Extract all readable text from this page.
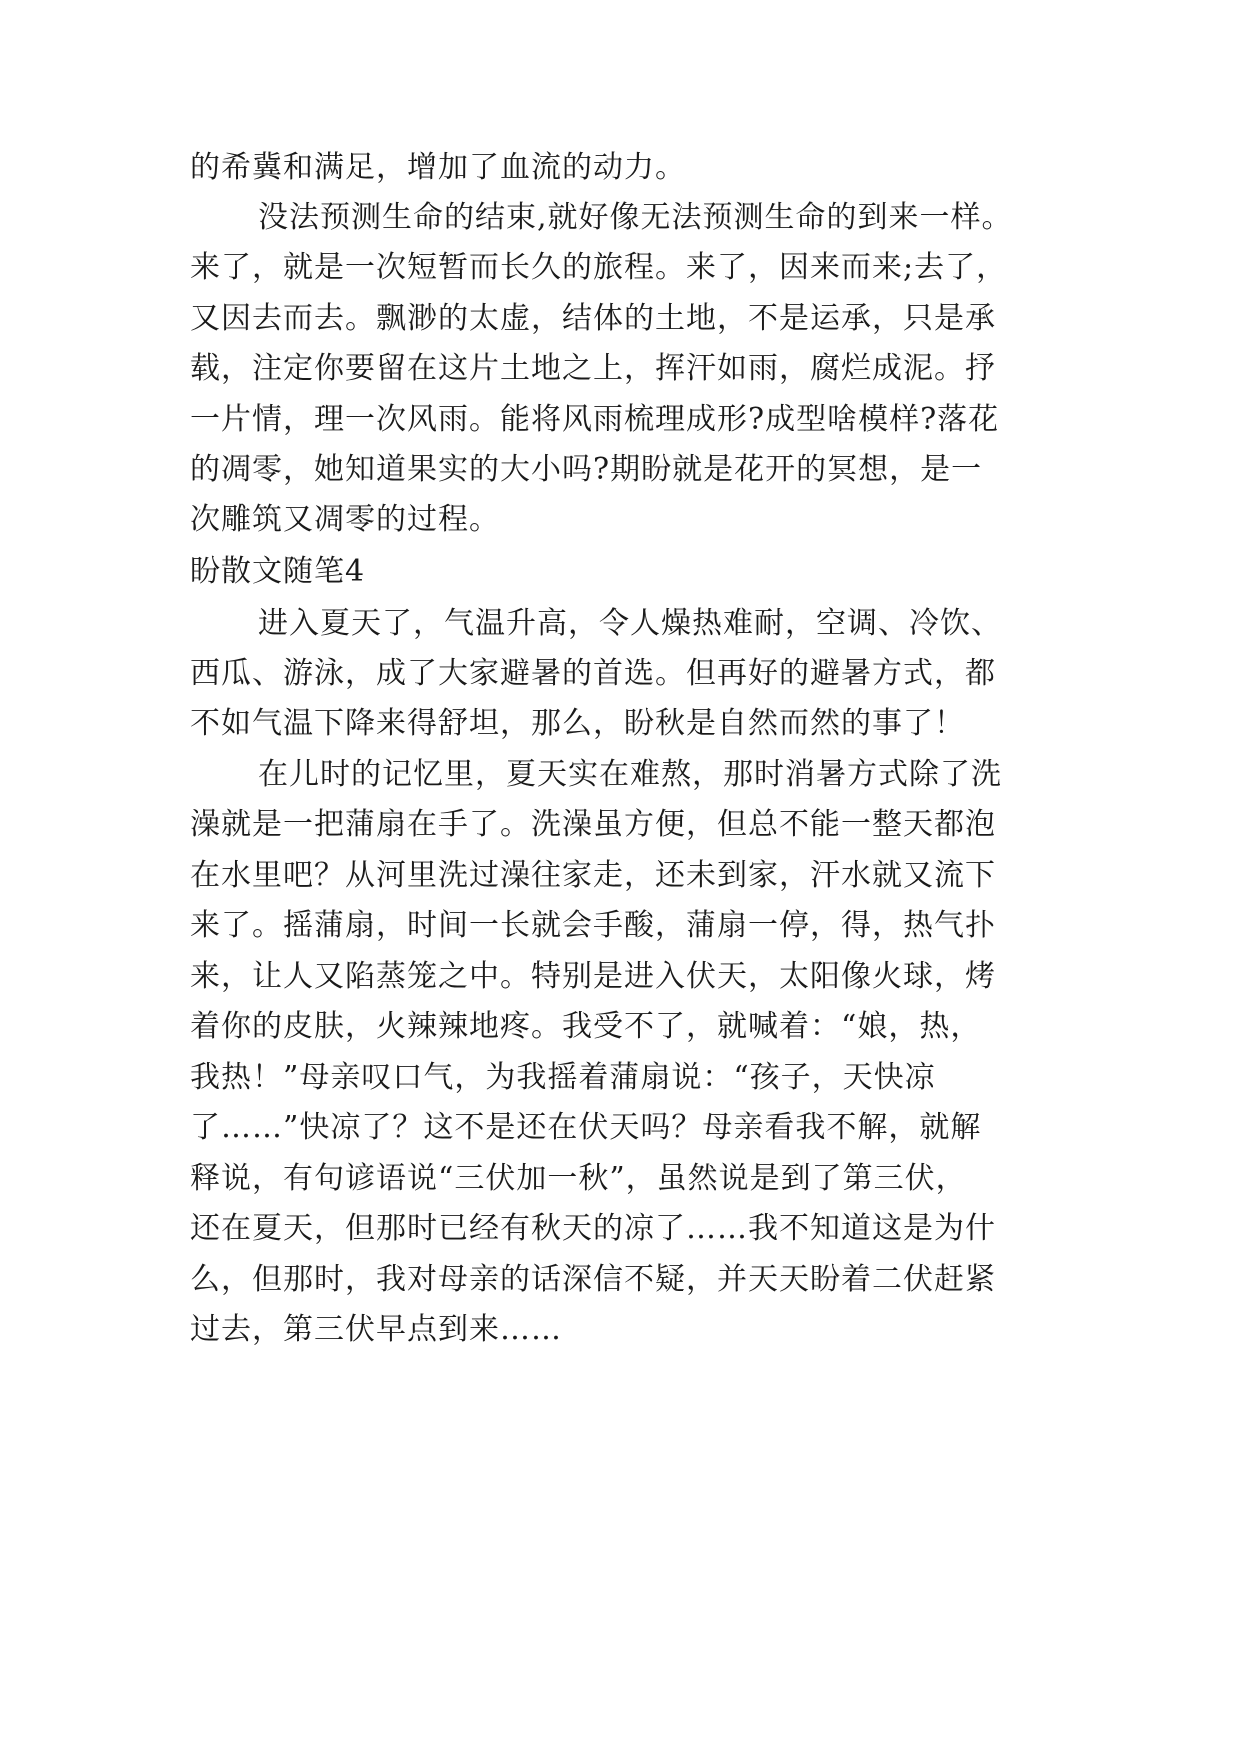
的希冀和满足，增加了血流的动力。
没法预测生命的结束,就好像无法预测生命的到来一样。
来了，就是一次短暂而长久的旅程。来了，因来而来;去了，
又因去而去。飘渺的太虚，结体的土地，不是运承，只是承
载，注定你要留在这片土地之上，挥汗如雨，腐烂成泥。抒
一片情，理一次风雨。能将风雨梳理成形?成型啥模样?落花
的凋零，她知道果实的大小吗?期盼就是花开的冥想，是一
次雕筑又凋零的过程。
盼散文随笔4
进入夏天了，气温升高，令人燥热难耐，空调、冷饮、
西瓜、游泳，成了大家避暑的首选。但再好的避暑方式，都
不如气温下降来得舒坦，那么，盼秋是自然而然的事了！
在儿时的记忆里，夏天实在难熬，那时消暑方式除了洗
澡就是一把蒲扇在手了。洗澡虽方便，但总不能一整天都泡
在水里吧？从河里洗过澡往家走，还未到家，汗水就又流下
来了。摇蒲扇，时间一长就会手酸，蒲扇一停，得，热气扑
来，让人又陷蒸笼之中。特别是进入伏天，太阳像火球，烤
着你的皮肤，火辣辣地疼。我受不了，就喊着：“娘，热，
我热！”母亲叹口气，为我摇着蒲扇说：“孩子，天快凉
了……”快凉了？这不是还在伏天吗？母亲看我不解，就解
释说，有句谚语说“三伏加一秋”，虽然说是到了第三伏，
还在夏天，但那时已经有秋天的凉了……我不知道这是为什
么，但那时，我对母亲的话深信不疑，并天天盼着二伏赶紧
过去，第三伏早点到来……
